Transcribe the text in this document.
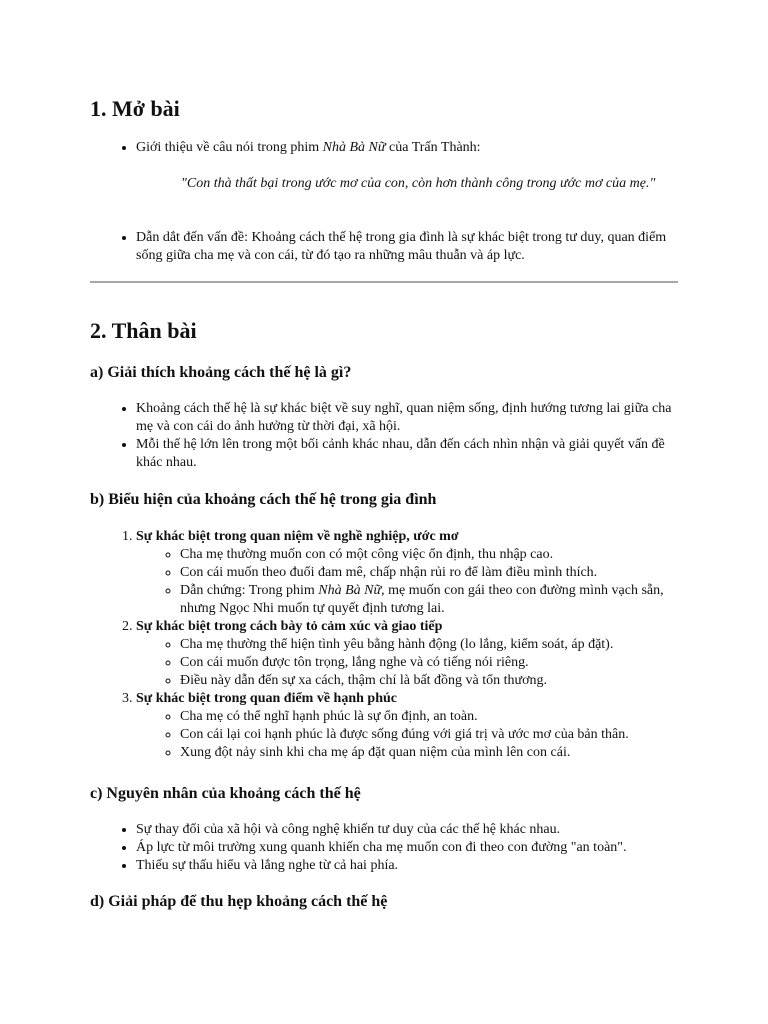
1. Mở bài
• Giới thiệu về câu nói trong phim Nhà Bà Nữ của Trấn Thành:

"Con thà thất bại trong ước mơ của con, còn hơn thành công trong ước mơ của mẹ."

• Dẫn dắt đến vấn đề: Khoảng cách thế hệ trong gia đình là sự khác biệt trong tư duy, quan điểm sống giữa cha mẹ và con cái, từ đó tạo ra những mâu thuẫn và áp lực.
2. Thân bài
a) Giải thích khoảng cách thế hệ là gì?
• Khoảng cách thế hệ là sự khác biệt về suy nghĩ, quan niệm sống, định hướng tương lai giữa cha mẹ và con cái do ảnh hưởng từ thời đại, xã hội.
• Mỗi thế hệ lớn lên trong một bối cảnh khác nhau, dẫn đến cách nhìn nhận và giải quyết vấn đề khác nhau.
b) Biểu hiện của khoảng cách thế hệ trong gia đình
1. Sự khác biệt trong quan niệm về nghề nghiệp, ước mơ
◦ Cha mẹ thường muốn con có một công việc ổn định, thu nhập cao.
◦ Con cái muốn theo đuổi đam mê, chấp nhận rủi ro để làm điều mình thích.
◦ Dẫn chứng: Trong phim Nhà Bà Nữ, mẹ muốn con gái theo con đường mình vạch sẵn, nhưng Ngọc Nhi muốn tự quyết định tương lai.
2. Sự khác biệt trong cách bày tỏ cảm xúc và giao tiếp
◦ Cha mẹ thường thể hiện tình yêu bằng hành động (lo lắng, kiểm soát, áp đặt).
◦ Con cái muốn được tôn trọng, lắng nghe và có tiếng nói riêng.
◦ Điều này dẫn đến sự xa cách, thậm chí là bất đồng và tổn thương.
3. Sự khác biệt trong quan điểm về hạnh phúc
◦ Cha mẹ có thể nghĩ hạnh phúc là sự ổn định, an toàn.
◦ Con cái lại coi hạnh phúc là được sống đúng với giá trị và ước mơ của bản thân.
◦ Xung đột nảy sinh khi cha mẹ áp đặt quan niệm của mình lên con cái.
c) Nguyên nhân của khoảng cách thế hệ
• Sự thay đổi của xã hội và công nghệ khiến tư duy của các thế hệ khác nhau.
• Áp lực từ môi trường xung quanh khiến cha mẹ muốn con đi theo con đường "an toàn".
• Thiếu sự thấu hiểu và lắng nghe từ cả hai phía.
d) Giải pháp để thu hẹp khoảng cách thế hệ
